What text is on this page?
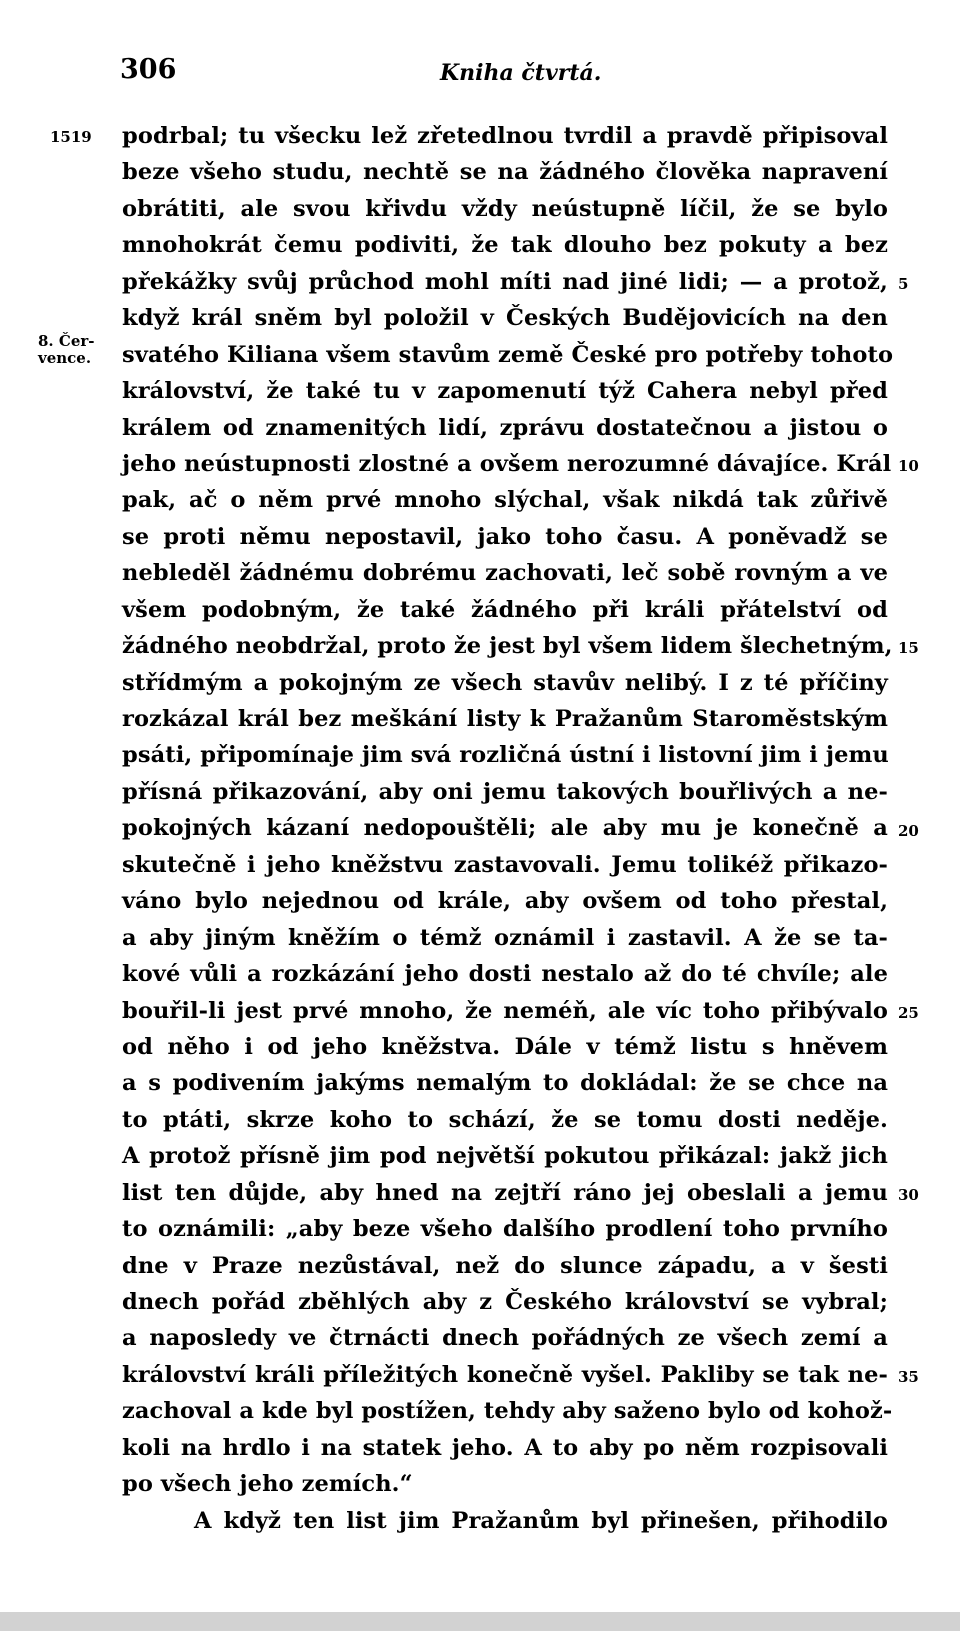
306	Kniha čtvrtá.
1519
8. Čer- vence.
podrbal; tu všecku lež zřetedlnou tvrdil a pravdě připisoval
beze všeho studu, nechtě se na žádného člověka napravení
obrátiti, ale svou křivdu vždy neústupně líčil, že se bylo
mnohokrát čemu podiviti, že tak dlouho bez pokuty a bez
překážky svůj průchod mohl míti nad jiné lidi; — a protož,
když král sněm byl položil v Českých Budějovicích na den
svatého Kiliana všem stavům země České pro potřeby tohoto
království, že také tu v zapomenutí týž Cahera nebyl před
králem od znamenitých lidí, zprávu dostatečnou a jistou o
jeho neústupnosti zlostné a ovšem nerozumné dávajíce. Král
pak, ač o něm prvé mnoho slýchal, však nikdá tak zůřivě
se proti němu nepostavil, jako toho času. A poněvadž se
nebleděl žádnému dobrému zachovati, leč sobě rovným a ve
všem podobným, že také žádného při králi přátelství od
žádného neobdržal, proto že jest byl všem lidem šlechetným,
střídmým a pokojným ze všech stavův nelibý. I z té příčiny
rozkázal král bez meškání listy k Pražanům Staroměstským
psáti, připomínaje jim svá rozličná ústní i listovní jim i jemu
přísná přikazování, aby oni jemu takových bouřlivých a ne-
pokojných kázaní nedopouštěli; ale aby mu je konečně a
skutečně i jeho kněžstvu zastavovali. Jemu tolikéž přikazo-
váno bylo nejednou od krále, aby ovšem od toho přestal,
a aby jiným kněžím o témž oznámil i zastavil. A že se ta-
kové vůli a rozkázání jeho dosti nestalo až do té chvíle; ale
bouřil-li jest prvé mnoho, že neméň, ale víc toho přibývalo
od něho i od jeho kněžstva. Dále v témž listu s hněvem
a s podivením jakýms nemalým to dokládal: že se chce na
to ptáti, skrze koho to schází, že se tomu dosti neděje.
A protož přísně jim pod největší pokutou přikázal: jakž jich
list ten důjde, aby hned na zejtří ráno jej obeslali a jemu
to oznámili: „aby beze všeho dalšího prodlení toho prvního
dne v Praze nezůstával, než do slunce západu, a v šesti
dnech pořád zběhlých aby z Českého království se vybral;
a naposledy ve čtrnácti dnech pořádných ze všech zemí a
království králi příležitých konečně vyšel. Pakliby se tak ne-
zachoval a kde byl postížen, tehdy aby saženo bylo od kohož-
koli na hrdlo i na statek jeho. A to aby po něm rozpisovali
po všech jeho zemích.“
A když ten list jim Pražanům byl přinešen, přihodilo
5
10
15
20
25
30
35
